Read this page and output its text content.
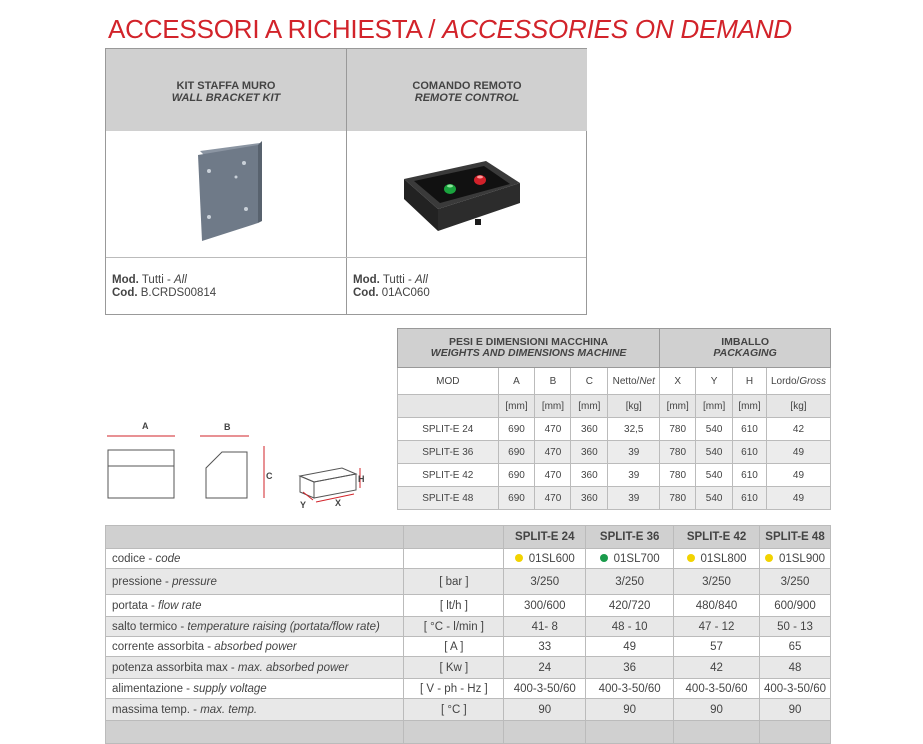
ACCESSORI A RICHIESTA / ACCESSORIES ON DEMAND
KIT STAFFA MURO
WALL BRACKET KIT
COMANDO REMOTO
REMOTE CONTROL
Mod. Tutti - All
Cod. B.CRDS00814
Mod. Tutti - All
Cod. 01AC060
A	B
C	H
X
Y
PESI E DIMENSIONI MACCHINA
WEIGHTS AND DIMENSIONS MACHINE					IMBALLO
PACKAGING			
MOD	A	B	C	Netto/Net	X	Y	H	Lordo/Gross
	[mm]	[mm]	[mm]	[kg]	[mm]	[mm]	[mm]	[kg]
SPLIT-E 24	690	470	360	32,5	780	540	610	42
SPLIT-E 36	690	470	360	39	780	540	610	49
SPLIT-E 42	690	470	360	39	780	540	610	49
SPLIT-E 48	690	470	360	39	780	540	610	49
		SPLIT-E 24	SPLIT-E 36	SPLIT-E 42	SPLIT-E 48
codice - code		01SL600	01SL700	01SL800	01SL900
pressione - pressure	[ bar ]	3/250	3/250	3/250	3/250
portata - flow rate	[ lt/h ]	300/600	420/720	480/840	600/900
salto termico - temperature raising (portata/flow rate)	[ °C - l/min ]	41- 8	48 - 10	47 - 12	50 - 13
corrente assorbita - absorbed power	[ A ]	33	49	57	65
potenza assorbita max - max. absorbed power	[ Kw ]	24	36	42	48
alimentazione - supply voltage	[ V - ph - Hz ]	400-3-50/60	400-3-50/60	400-3-50/60	400-3-50/60
massima temp. - max. temp.	[ °C ]	90	90	90	90
